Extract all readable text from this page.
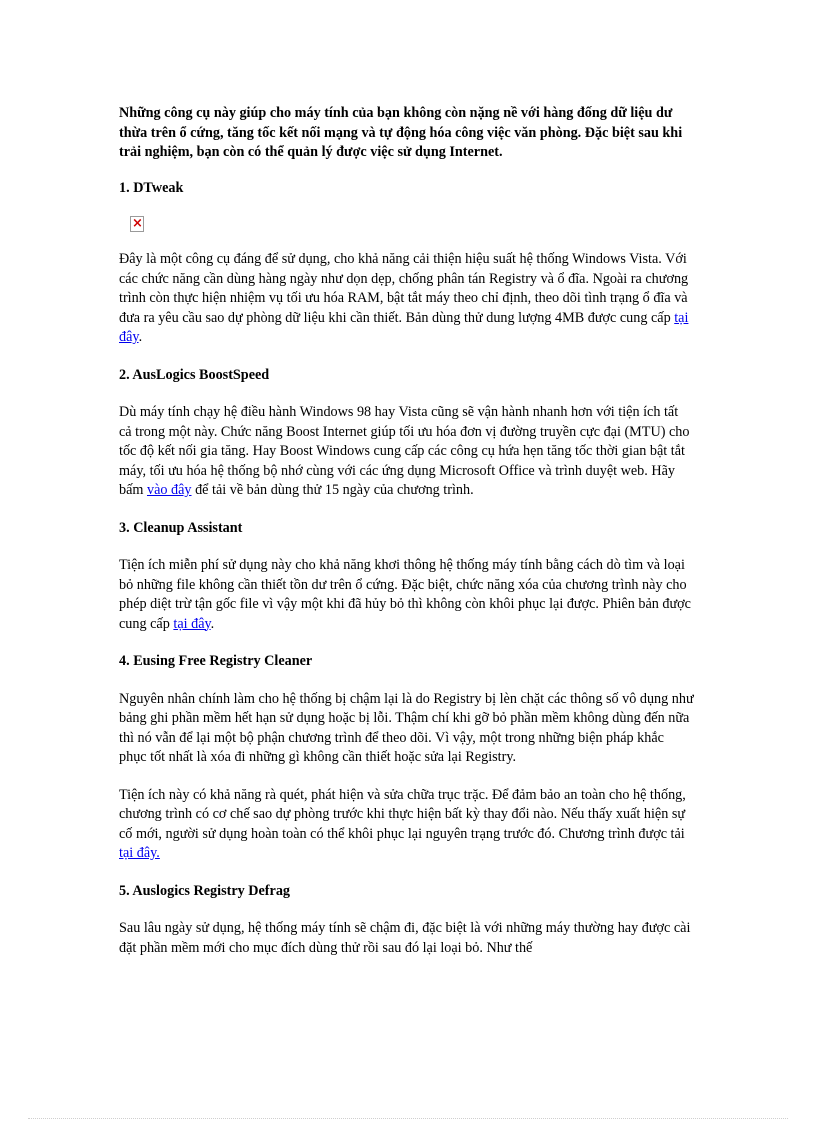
Những công cụ này giúp cho máy tính của bạn không còn nặng nề với hàng đống dữ liệu dư thừa trên ổ cứng, tăng tốc kết nối mạng và tự động hóa công việc văn phòng. Đặc biệt sau khi trải nghiệm, bạn còn có thể quản lý được việc sử dụng Internet.

1. DTweak
×

Đây là một công cụ đáng để sử dụng, cho khả năng cải thiện hiệu suất hệ thống Windows Vista. Với các chức năng cần dùng hàng ngày như dọn dẹp, chống phân tán Registry và ổ đĩa. Ngoài ra chương trình còn thực hiện nhiệm vụ tối ưu hóa RAM, bật tắt máy theo chỉ định, theo dõi tình trạng ổ đĩa và đưa ra yêu cầu sao dự phòng dữ liệu khi cần thiết. Bản dùng thử dung lượng 4MB được cung cấp tại đây.

2. AusLogics BoostSpeed

Dù máy tính chạy hệ điều hành Windows 98 hay Vista cũng sẽ vận hành nhanh hơn với tiện ích tất cả trong một này. Chức năng Boost Internet giúp tối ưu hóa đơn vị đường truyền cực đại (MTU) cho tốc độ kết nối gia tăng. Hay Boost Windows cung cấp các công cụ hứa hẹn tăng tốc thời gian bật tắt máy, tối ưu hóa hệ thống bộ nhớ cùng với các ứng dụng Microsoft Office và trình duyệt web. Hãy bấm vào đây để tải về bản dùng thử 15 ngày của chương trình.

3. Cleanup Assistant

Tiện ích miễn phí sử dụng này cho khả năng khơi thông hệ thống máy tính bằng cách dò tìm và loại bỏ những file không cần thiết tồn dư trên ổ cứng. Đặc biệt, chức năng xóa của chương trình này cho phép diệt trừ tận gốc file vì vậy một khi đã hủy bỏ thì không còn khôi phục lại được. Phiên bản được cung cấp tại đây.

4. Eusing Free Registry Cleaner

Nguyên nhân chính làm cho hệ thống bị chậm lại là do Registry bị lèn chặt các thông số vô dụng như bảng ghi phần mềm hết hạn sử dụng hoặc bị lỗi. Thậm chí khi gỡ bỏ phần mềm không dùng đến nữa thì nó vẫn để lại một bộ phận chương trình để theo dõi. Vì vậy, một trong những biện pháp khắc phục tốt nhất là xóa đi những gì không cần thiết hoặc sửa lại Registry.

Tiện ích này có khả năng rà quét, phát hiện và sửa chữa trục trặc. Để đảm bảo an toàn cho hệ thống, chương trình có cơ chế sao dự phòng trước khi thực hiện bất kỳ thay đổi nào. Nếu thấy xuất hiện sự cố mới, người sử dụng hoàn toàn có thể khôi phục lại nguyên trạng trước đó. Chương trình được tải tại đây.

5. Auslogics Registry Defrag

Sau lâu ngày sử dụng, hệ thống máy tính sẽ chậm đi, đặc biệt là với những máy thường hay được cài đặt phần mềm mới cho mục đích dùng thử rồi sau đó lại loại bỏ. Như thế
